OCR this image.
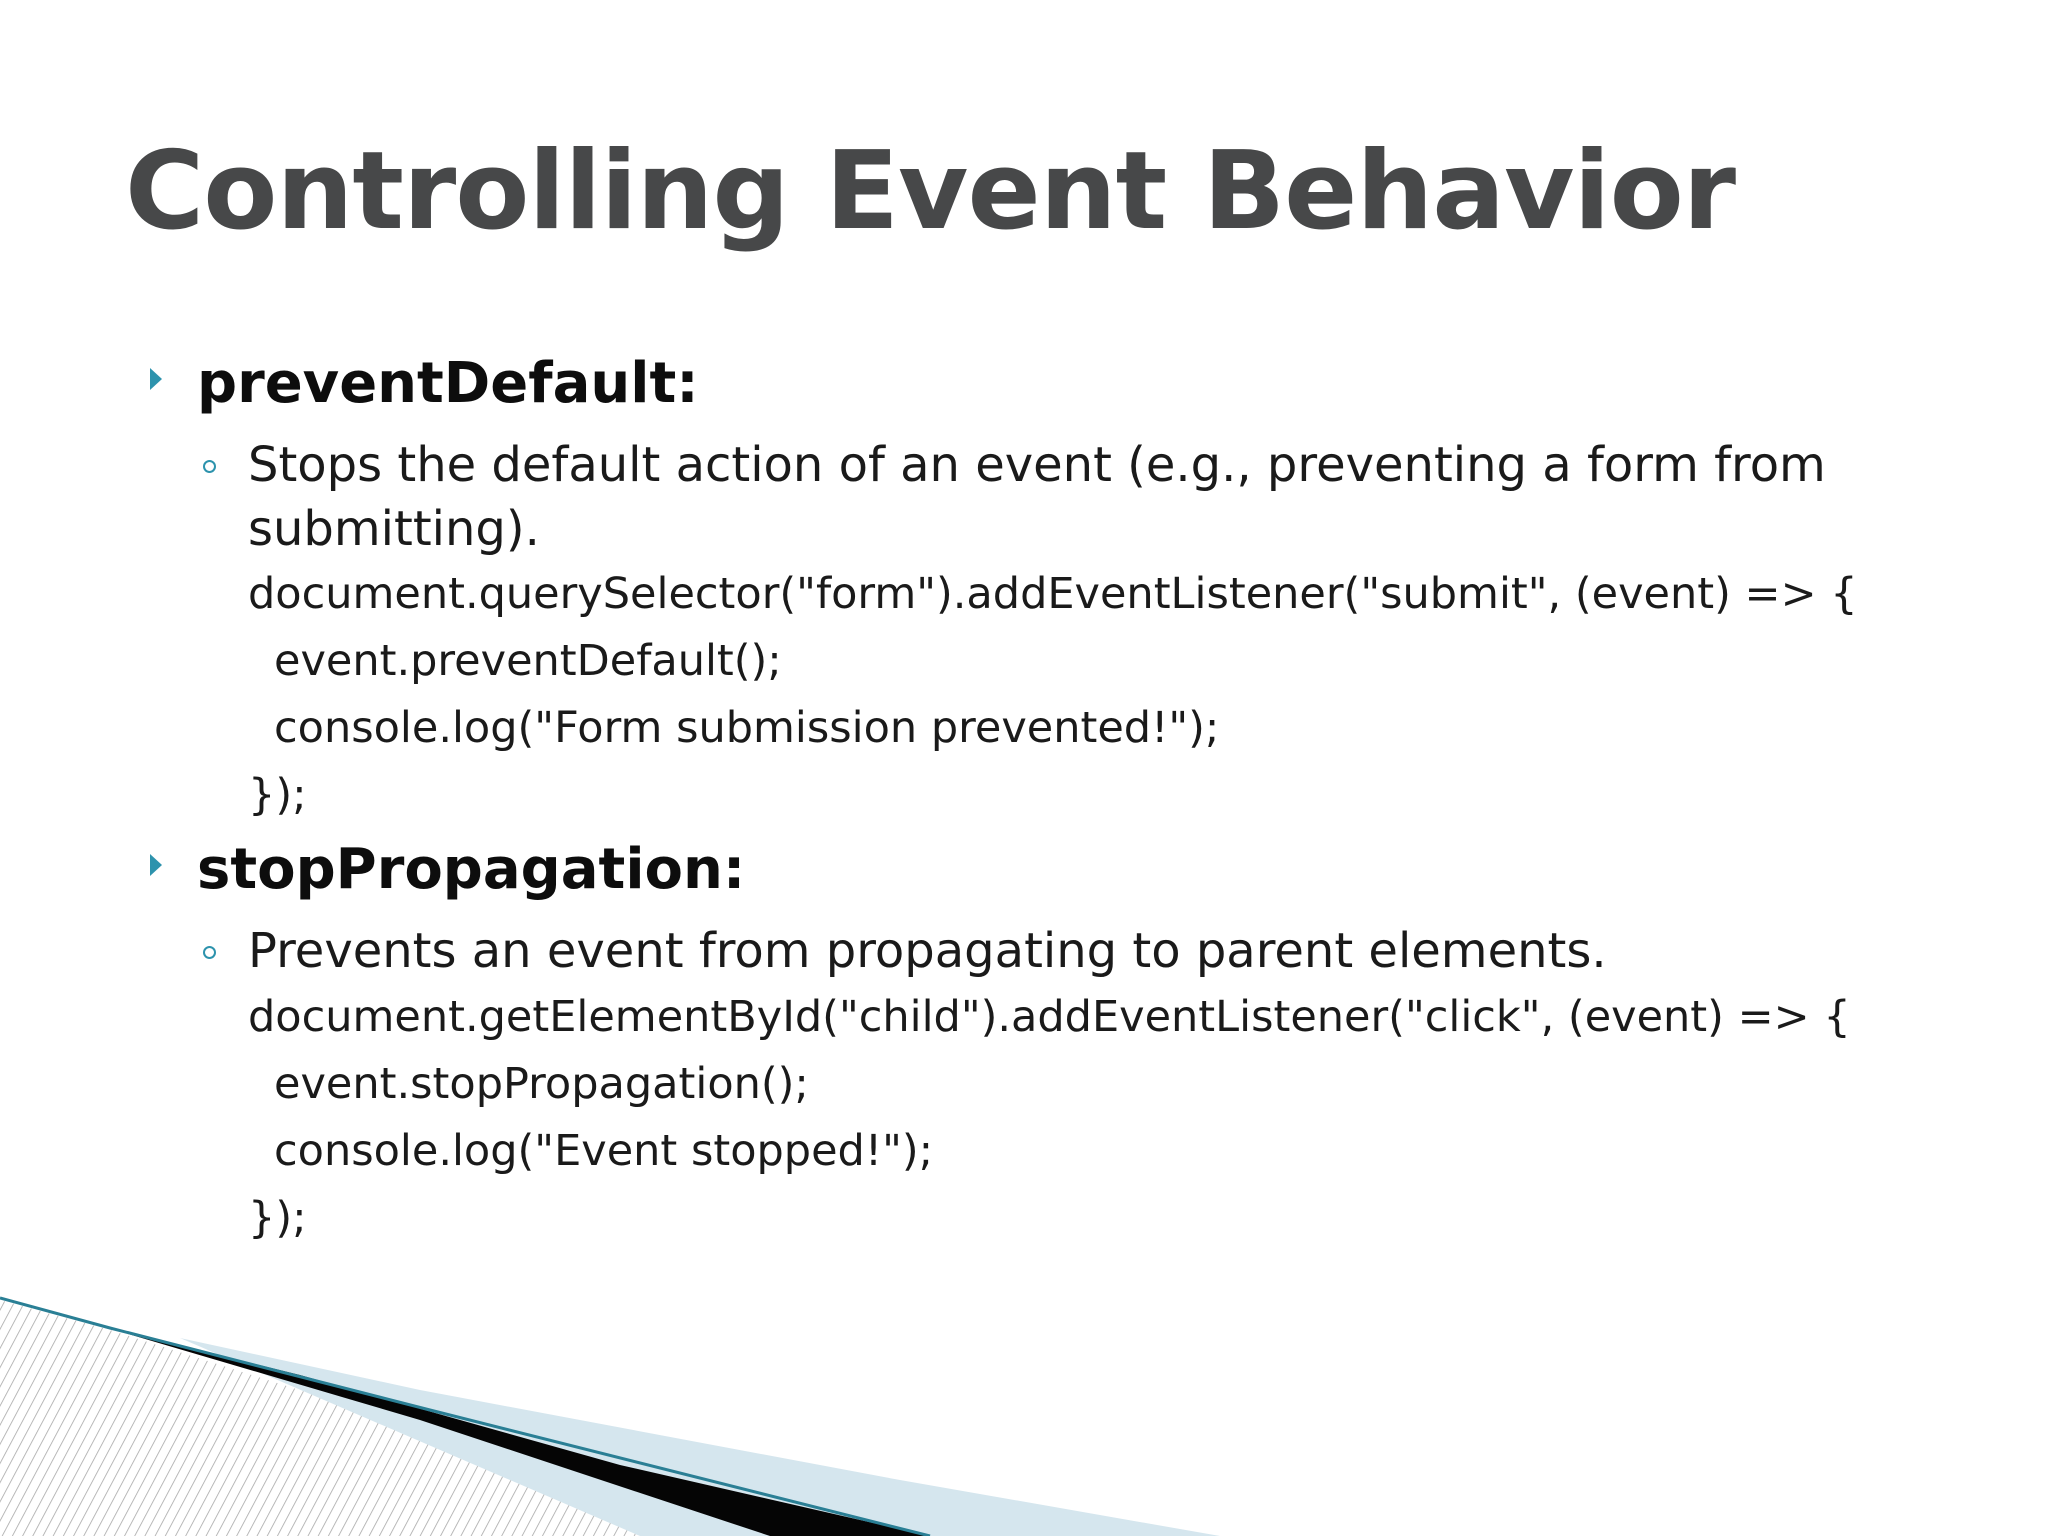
Controlling Event Behavior

preventDefault:

Stops the default action of an event (e.g., preventing a form from

submitting).

document.querySelector("form").addEventListener("submit", (event) => {

event.preventDefault();

console.log("Form submission prevented!");

});

stopPropagation:

Prevents an event from propagating to parent elements.

document.getElementById("child").addEventListener("click", (event) => {

event.stopPropagation();

console.log("Event stopped!");

});
